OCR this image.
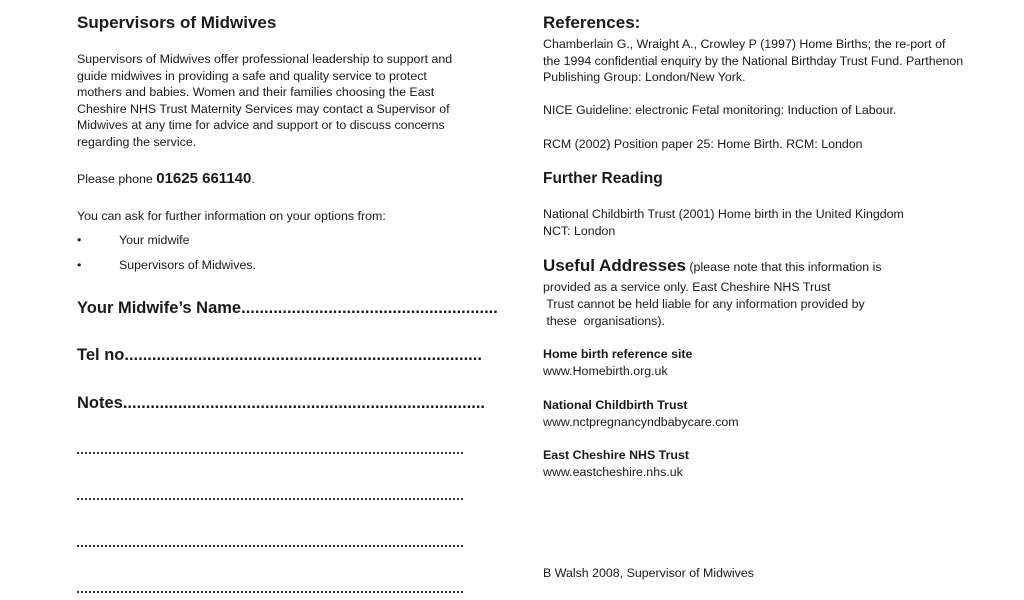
Supervisors of Midwives

Supervisors of Midwives offer professional leadership to support and guide midwives in providing a safe and quality service to protect mothers and babies. Women and their families choosing the East Cheshire NHS Trust Maternity Services may contact a Supervisor of Midwives at any time for advice and support or to discuss concerns regarding the service.

Please phone 01625 661140.

You can ask for further information on your options from:

•	Your midwife
•	Supervisors of Midwives.
Your Midwife’s Name........................................................
Tel no..............................................................................
Notes...............................................................................
References:

Chamberlain G., Wraight A., Crowley P (1997) Home Births; the re-port of the 1994 confidential enquiry by the National Birthday Trust Fund. Parthenon Publishing Group: London/New York.

NICE Guideline: electronic Fetal monitoring: Induction of Labour.

RCM (2002) Position paper 25: Home Birth. RCM: London

Further Reading

National Childbirth Trust (2001) Home birth in the United Kingdom

NCT: London

Useful Addresses (please note that this information is

provided as a service only. East Cheshire NHS Trust

Trust cannot be held liable for any information provided by

these  organisations).

Home birth reference site

www.Homebirth.org.uk

National Childbirth Trust

www.nctpregnancyndbabycare.com

East Cheshire NHS Trust

www.eastcheshire.nhs.uk

B Walsh 2008, Supervisor of Midwives
